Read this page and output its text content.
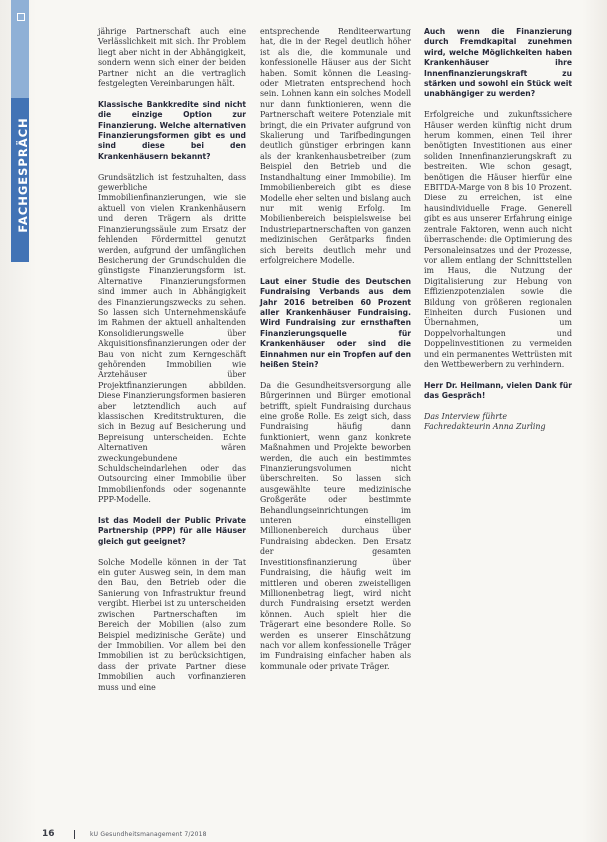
FACHGESPRÄCH

jährige Partnerschaft auch eine Verlässlichkeit mit sich. Ihr Problem liegt aber nicht in der Abhängigkeit, sondern wenn sich einer der beiden Partner nicht an die vertraglich festgelegten Vereinbarungen hält.

Klassische Bankkredite sind nicht die einzige Option zur Finanzierung. Welche alternativen Finanzierungsformen gibt es und sind diese bei den Krankenhäusern bekannt?

Grundsätzlich ist festzuhalten, dass gewerbliche Immobilienfinanzierungen, wie sie aktuell von vielen Krankenhäusern und deren Trägern als dritte Finanzierungssäule zum Ersatz der fehlenden Fördermittel genutzt werden, aufgrund der umfänglichen Besicherung der Grundschulden die günstigste Finanzierungsform ist. Alternative Finanzierungsformen sind immer auch in Abhängigkeit des Finanzierungszwecks zu sehen. So lassen sich Unternehmenskäufe im Rahmen der aktuell anhaltenden Konsolidierungswelle über Akquisitionsfinanzierungen oder der Bau von nicht zum Kerngeschäft gehörenden Immobilien wie Ärztehäuser über Projektfinanzierungen abbilden. Diese Finanzierungsformen basieren aber letztendlich auch auf klassischen Kreditstrukturen, die sich in Bezug auf Besicherung und Bepreisung unterscheiden. Echte Alternativen wären zweckungebundene Schuldscheindarlehen oder das Outsourcing einer Immobilie über Immobilienfonds oder sogenannte PPP-Modelle.

Ist das Modell der Public Private Partnership (PPP) für alle Häuser gleich gut geeignet?

Solche Modelle können in der Tat ein guter Ausweg sein, in dem man den Bau, den Betrieb oder die Sanierung von Infrastruktur freund vergibt. Hierbei ist zu unterscheiden zwischen Partnerschaften im Bereich der Mobilien (also zum Beispiel medizinische Geräte) und der Immobilien. Vor allem bei den Immobilien ist zu berücksichtigen, dass der private Partner diese Immobilien auch vorfinanzieren muss und eine

entsprechende Renditeerwartung hat, die in der Regel deutlich höher ist als die, die kommunale und konfessionelle Häuser aus der Sicht haben. Somit können die Leasing- oder Mietraten entsprechend hoch sein. Lohnen kann ein solches Modell nur dann funktionieren, wenn die Partnerschaft weitere Potenziale mit bringt, die ein Privater aufgrund von Skalierung und Tarifbedingungen deutlich günstiger erbringen kann als der krankenhausbetreiber (zum Beispiel den Betrieb und die Instandhaltung einer Immobilie). Im Immobilienbereich gibt es diese Modelle eher selten und bislang auch nur mit wenig Erfolg. Im Mobilienbereich beispielsweise bei Industriepartnerschaften von ganzen medizinischen Gerätparks finden sich bereits deutlich mehr und erfolgreichere Modelle.

Laut einer Studie des Deutschen Fundraising Verbands aus dem Jahr 2016 betreiben 60 Prozent aller Krankenhäuser Fundraising. Wird Fundraising zur ernsthaften Finanzierungsquelle für Krankenhäuser oder sind die Einnahmen nur ein Tropfen auf den heißen Stein?

Da die Gesundheitsversorgung alle Bürgerinnen und Bürger emotional betrifft, spielt Fundraising durchaus eine große Rolle. Es zeigt sich, dass Fundraising häufig dann funktioniert, wenn ganz konkrete Maßnahmen und Projekte beworben werden, die auch ein bestimmtes Finanzierungsvolumen nicht überschreiten. So lassen sich ausgewählte teure medizinische Großgeräte oder bestimmte Behandlungseinrichtungen im unteren einstelligen Millionenbereich durchaus über Fundraising abdecken. Den Ersatz der gesamten Investitionsfinanzierung über Fundraising, die häufig weit im mittleren und oberen zweistelligen Millionenbetrag liegt, wird nicht durch Fundraising ersetzt werden können. Auch spielt hier die Trägerart eine besondere Rolle. So werden es unserer Einschätzung nach vor allem konfessionelle Träger im Fundraising einfacher haben als kommunale oder private Träger.

Auch wenn die Finanzierung durch Fremdkapital zunehmen wird, welche Möglichkeiten haben Krankenhäuser ihre Innenfinanzierungskraft zu stärken und sowohl ein Stück weit unabhängiger zu werden?

Erfolgreiche und zukunftssichere Häuser werden künftig nicht drum herum kommen, einen Teil ihrer benötigten Investitionen aus einer soliden Innenfinanzierungskraft zu bestreiten. Wie schon gesagt, benötigen die Häuser hierfür eine EBITDA-Marge von 8 bis 10 Prozent. Diese zu erreichen, ist eine hausindividuelle Frage. Generell gibt es aus unserer Erfahrung einige zentrale Faktoren, wenn auch nicht überraschende: die Optimierung des Personaleinsatzes und der Prozesse, vor allem entlang der Schnittstellen im Haus, die Nutzung der Digitalisierung zur Hebung von Effizienzpotenzialen sowie die Bildung von größeren regionalen Einheiten durch Fusionen und Übernahmen, um Doppelvorhaltungen und Doppelinvestitionen zu vermeiden und ein permanentes Wettrüsten mit den Wettbewerbern zu verhindern.

Herr Dr. Heilmann, vielen Dank für das Gespräch!

Das Interview führte Fachredakteurin Anna Zurling

16	kU Gesundheitsmanagement 7/2018
